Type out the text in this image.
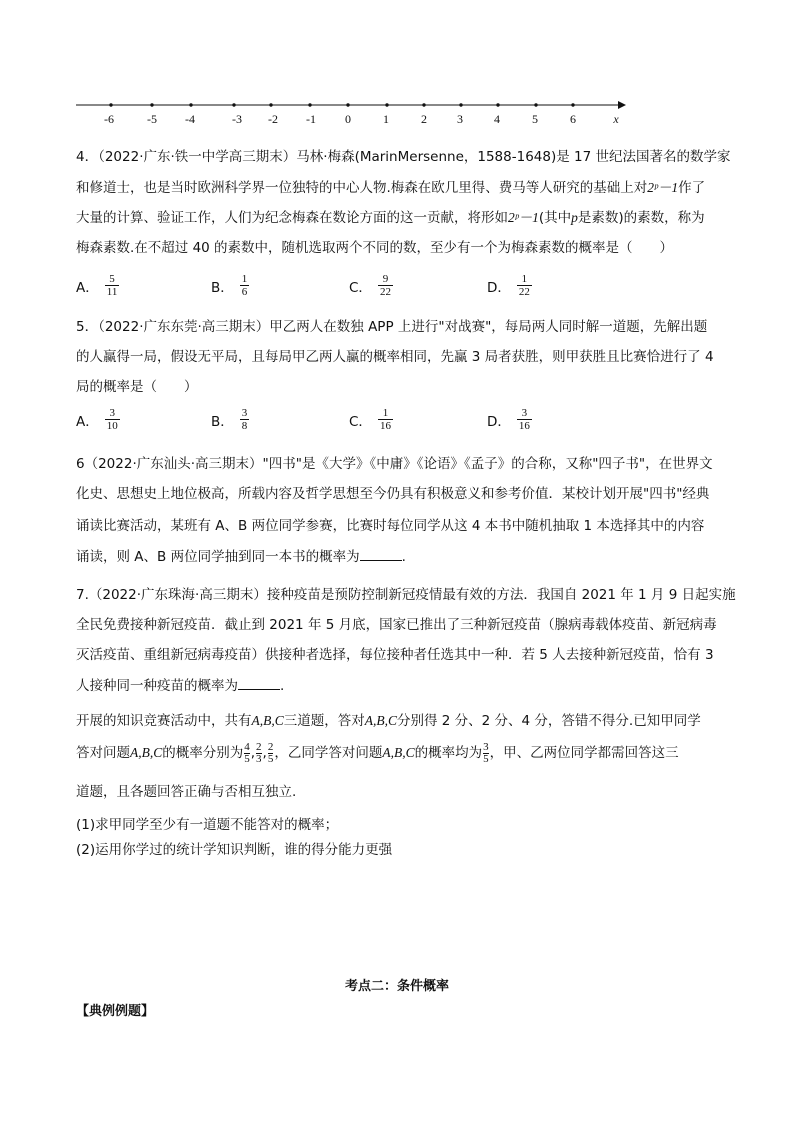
-6	-5	-4	-3	-2	-1	0	1	2	3	4	5	6	x
4．（2022·广东·铁一中学高三期末）马林·梅森(MarinMersenne，1588-1648)是 17 世纪法国著名的数学家
和修道士，也是当时欧洲科学界一位独特的中心人物.梅森在欧几里得、费马等人研究的基础上对2ᵖ－1作了
大量的计算、验证工作，人们为纪念梅森在数论方面的这一贡献，将形如2ᵖ－1(其中p是素数)的素数，称为
梅森素数.在不超过 40 的素数中，随机选取两个不同的数，至少有一个为梅森素数的概率是（　　）
A． $\frac{5}{11}$	B． $\frac{1}{6}$	C． $\frac{9}{22}$	D． $\frac{1}{22}$
5．（2022·广东东莞·高三期末）甲乙两人在数独 APP 上进行"对战赛"，每局两人同时解一道题，先解出题
的人赢得一局，假设无平局，且每局甲乙两人赢的概率相同，先赢 3 局者获胜，则甲获胜且比赛恰进行了 4
局的概率是（　　）
A． $\frac{3}{10}$	B． $\frac{3}{8}$	C． $\frac{1}{16}$	D． $\frac{3}{16}$
6（2022·广东汕头·高三期末）"四书"是《大学》《中庸》《论语》《孟子》的合称，又称"四子书"，在世界文
化史、思想史上地位极高，所载内容及哲学思想至今仍具有积极意义和参考价值．某校计划开展"四书"经典
诵读比赛活动，某班有 A、B 两位同学参赛，比赛时每位同学从这 4 本书中随机抽取 1 本选择其中的内容
诵读，则 A、B 两位同学抽到同一本书的概率为	.
7.（2022·广东珠海·高三期末）接种疫苗是预防控制新冠疫情最有效的方法．我国自 2021 年 1 月 9 日起实施
全民免费接种新冠疫苗．截止到 2021 年 5 月底，国家已推出了三种新冠疫苗（腺病毒载体疫苗、新冠病毒
灭活疫苗、重组新冠病毒疫苗）供接种者选择，每位接种者任选其中一种．若 5 人去接种新冠疫苗，恰有 3
人接种同一种疫苗的概率为	.
开展的知识竞赛活动中，共有A,B,C三道题，答对A,B,C分别得 2 分、2 分、4 分，答错不得分.已知甲同学
答对问题A,B,C的概率分别为 $\frac{4}{5}$ , $\frac{2}{3}$ , $\frac{2}{5}$ ，乙同学答对问题A,B,C的概率均为 $\frac{3}{5}$ ，甲、乙两位同学都需回答这三
道题，且各题回答正确与否相互独立.
(1)求甲同学至少有一道题不能答对的概率；
(2)运用你学过的统计学知识判断，谁的得分能力更强
考点二：条件概率
【典例例题】
